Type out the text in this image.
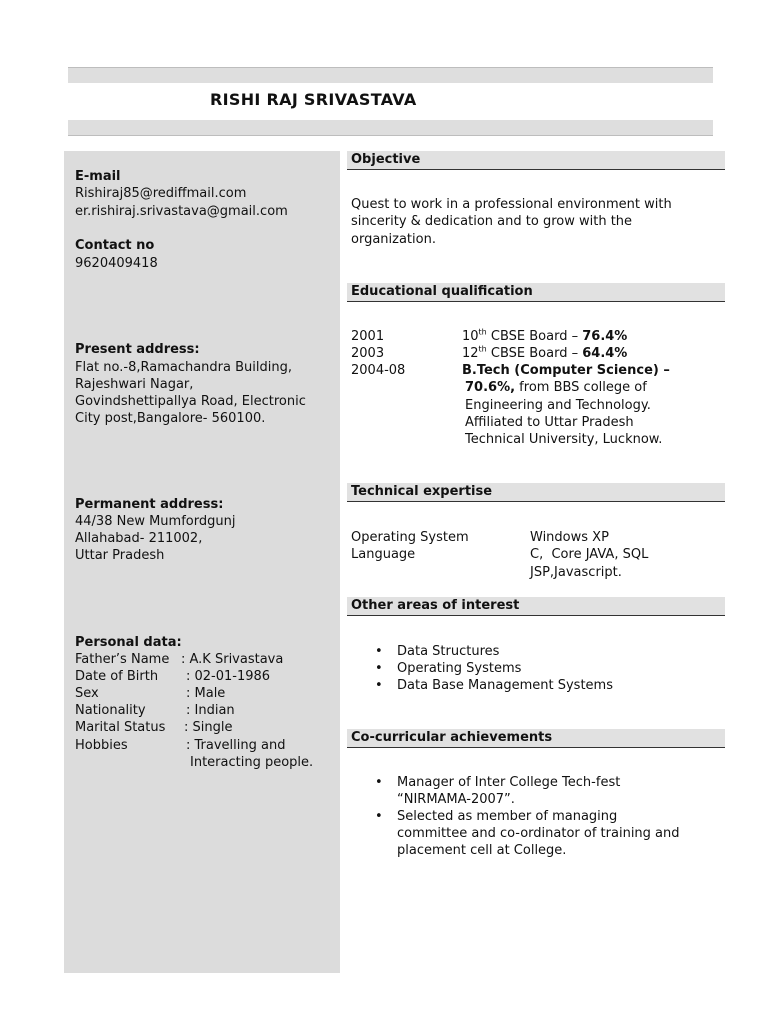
RISHI RAJ SRIVASTAVA
E-mail
Rishiraj85@rediffmail.com
er.rishiraj.srivastava@gmail.com
Contact no
9620409418
Present address:
Flat no.-8,Ramachandra Building,
Rajeshwari Nagar,
Govindshettipallya Road, Electronic
City post,Bangalore- 560100.
Permanent address:
44/38 New Mumfordgunj
Allahabad- 211002,
Uttar Pradesh
Personal data:
Father’s Name : A.K Srivastava
Date of Birth : 02-01-1986
Sex	: Male
Nationality	: Indian
Marital Status : Single
Hobbies	: Travelling and
Interacting people.
Objective
Quest to work in a professional environment with
sincerity & dedication and to grow with the
organization.
Educational qualification
2001	10th CBSE Board – 76.4%
2003	12th CBSE Board – 64.4%
2004-08	B.Tech (Computer Science) –
70.6%, from BBS college of
Engineering and Technology.
Affiliated to Uttar Pradesh
Technical University, Lucknow.
Technical expertise
Operating System	Windows XP
Language	C,  Core JAVA, SQL
JSP,Javascript.
Other areas of interest
• Data Structures
• Operating Systems
• Data Base Management Systems
Co-curricular achievements
• Manager of Inter College Tech-fest
“NIRMAMA-2007”.
• Selected as member of managing
committee and co-ordinator of training and
placement cell at College.
